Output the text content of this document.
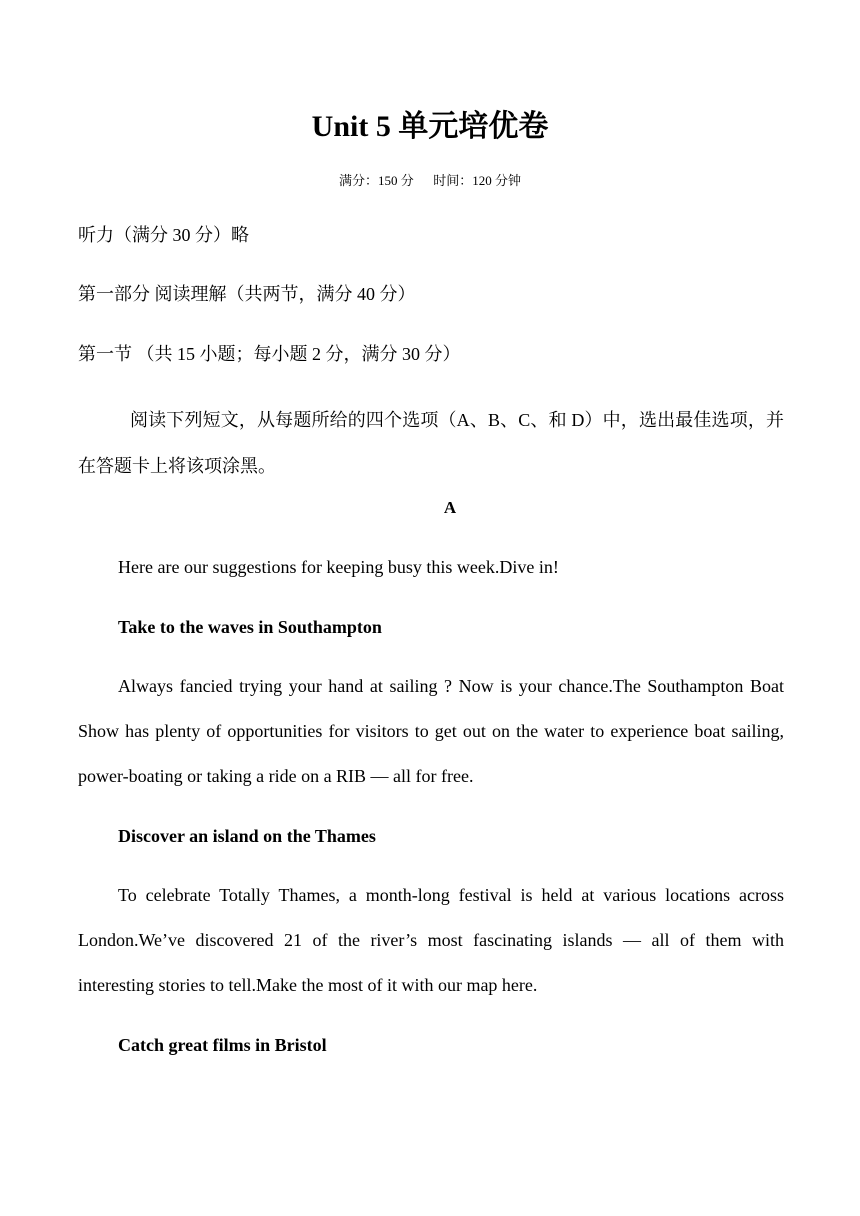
Unit 5 单元培优卷
满分：150 分      时间：120 分钟
听力（满分 30 分）略
第一部分 阅读理解（共两节，满分 40 分）
第一节 （共 15 小题；每小题 2 分，满分 30 分）
阅读下列短文，从每题所给的四个选项（A、B、C、和 D）中，选出最佳选项，并在答题卡上将该项涂黑。
A
Here are our suggestions for keeping busy this week.Dive in!
Take to the waves in Southampton
Always fancied trying your hand at sailing ? Now is your chance.The Southampton Boat Show has plenty of opportunities for visitors to get out on the water to experience boat sailing, power-boating or taking a ride on a RIB — all for free.
Discover an island on the Thames
To celebrate Totally Thames, a month-long festival is held at various locations across London.We’ve discovered 21 of the river’s most fascinating islands — all of them with interesting stories to tell.Make the most of it with our map here.
Catch great films in Bristol
